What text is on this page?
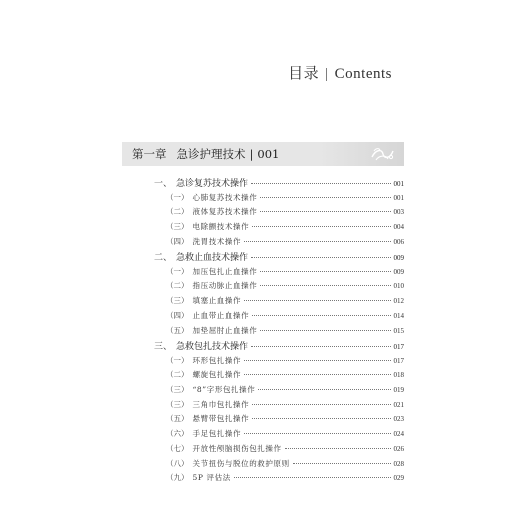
目录 | Contents
第一章 急诊护理技术 | 001
一、 急诊复苏技术操作	001
（一） 心肺复苏技术操作	001
（二） 液体复苏技术操作	003
（三） 电除颤技术操作	004
（四） 洗胃技术操作	006
二、 急救止血技术操作	009
（一） 加压包扎止血操作	009
（二） 指压动脉止血操作	010
（三） 填塞止血操作	012
（四） 止血带止血操作	014
（五） 加垫屈肘止血操作	015
三、 急救包扎技术操作	017
（一） 环形包扎操作	017
（二） 螺旋包扎操作	018
（三） “8”字形包扎操作	019
（三） 三角巾包扎操作	021
（五） 悬臂带包扎操作	023
（六） 手足包扎操作	024
（七） 开放性颅脑损伤包扎操作	026
（八） 关节扭伤与脱位的救护原则	028
（九） 5P 评估法	029
